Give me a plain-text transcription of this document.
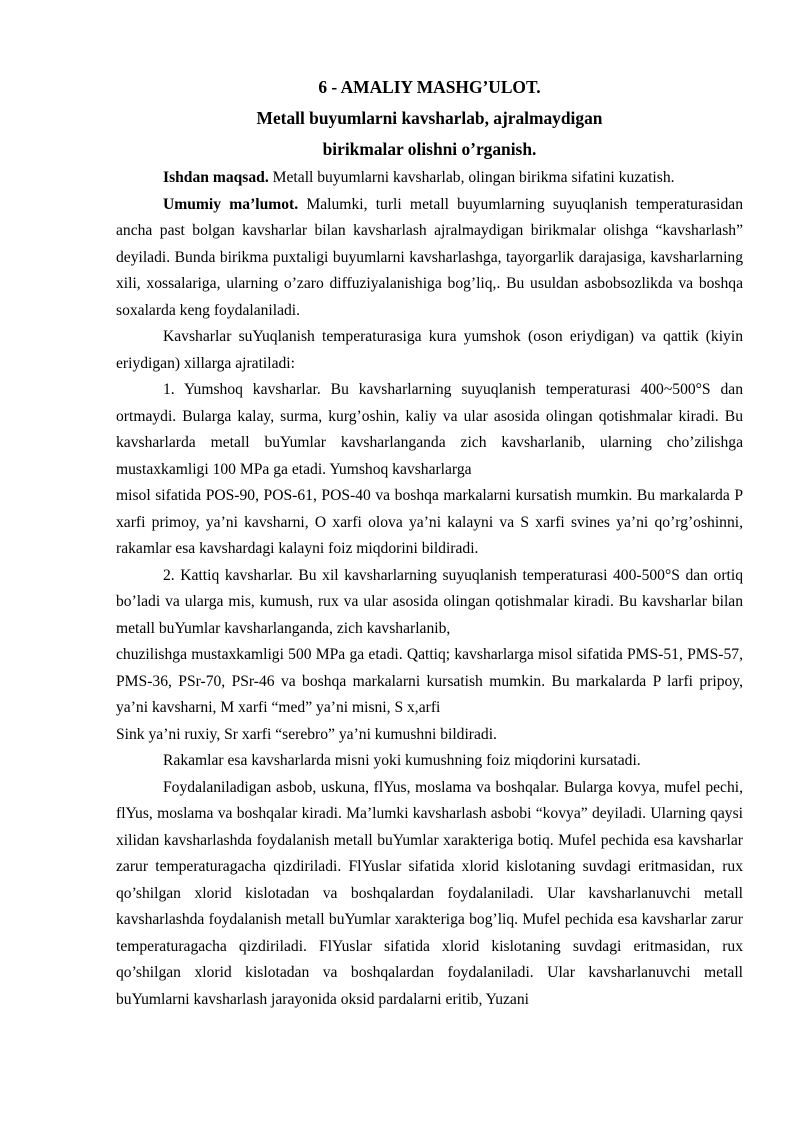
6 - AMALIY MASHG’ULOT.

Metall buyumlarni kavsharlab, ajralmaydigan

birikmalar olishni o’rganish.

Ishdan maqsad. Metall buyumlarni kavsharlab, olingan birikma sifatini kuzatish.

Umumiy ma’lumot. Malumki, turli metall buyumlarning suyuqlanish temperaturasidan ancha past bolgan kavsharlar bilan kavsharlash ajralmaydigan birikmalar olishga “kavsharlash” deyiladi. Bunda birikma puxtaligi buyumlarni kavsharlashga, tayorgarlik darajasiga, kavsharlarning xili, xossalariga, ularning o’zaro diffuziyalanishiga bog’liq,. Bu usuldan asbobsozlikda va boshqa soxalarda keng foydalaniladi.

Kavsharlar suYuqlanish temperaturasiga kura yumshok (oson eriydigan) va qattik (kiyin eriydigan) xillarga ajratiladi:

1. Yumshoq kavsharlar. Bu kavsharlarning suyuqlanish temperaturasi 400~500°S dan ortmaydi. Bularga kalay, surma, kurg’oshin, kaliy va ular asosida olingan qotishmalar kiradi. Bu kavsharlarda metall buYumlar kavsharlanganda zich kavsharlanib, ularning cho’zilishga mustaxkamligi 100 MPa ga etadi. Yumshoq kavsharlarga

misol sifatida POS-90, POS-61, POS-40 va boshqa markalarni kursatish mumkin. Bu markalarda P xarfi primoy, ya’ni kavsharni, O xarfi olova ya’ni kalayni va S xarfi svines ya’ni qo’rg’oshinni, rakamlar esa kavshardagi kalayni foiz miqdorini bildiradi.

2. Kattiq kavsharlar. Bu xil kavsharlarning suyuqlanish temperaturasi 400-500°S dan ortiq bo’ladi va ularga mis, kumush, rux va ular asosida olingan qotishmalar kiradi. Bu kavsharlar bilan metall buYumlar kavsharlanganda, zich kavsharlanib,

chuzilishga mustaxkamligi 500 MPa ga etadi. Qattiq; kavsharlarga misol sifatida PMS-51, PMS-57, PMS-36, PSr-70, PSr-46 va boshqa markalarni kursatish mumkin. Bu markalarda P larfi pripoy, ya’ni kavsharni, M xarfi “med” ya’ni misni, S x,arfi

Sink ya’ni ruxiy, Sr xarfi “serebro” ya’ni kumushni bildiradi.

Rakamlar esa kavsharlarda misni yoki kumushning foiz miqdorini kursatadi.

Foydalaniladigan asbob, uskuna, flYus, moslama va boshqalar. Bularga kovya, mufel pechi, flYus, moslama va boshqalar kiradi. Ma’lumki kavsharlash asbobi “kovya” deyiladi. Ularning qaysi xilidan kavsharlashda foydalanish metall buYumlar xarakteriga botiq. Mufel pechida esa kavsharlar zarur temperaturagacha qizdiriladi. FlYuslar sifatida xlorid kislotaning suvdagi eritmasidan, rux qo’shilgan xlorid kislotadan va boshqalardan foydalaniladi. Ular kavsharlanuvchi metall kavsharlashda foydalanish metall buYumlar xarakteriga bog’liq. Mufel pechida esa kavsharlar zarur temperaturagacha qizdiriladi. FlYuslar sifatida xlorid kislotaning suvdagi eritmasidan, rux qo’shilgan xlorid kislotadan va boshqalardan foydalaniladi. Ular kavsharlanuvchi metall buYumlarni kavsharlash jarayonida oksid pardalarni eritib, Yuzani
